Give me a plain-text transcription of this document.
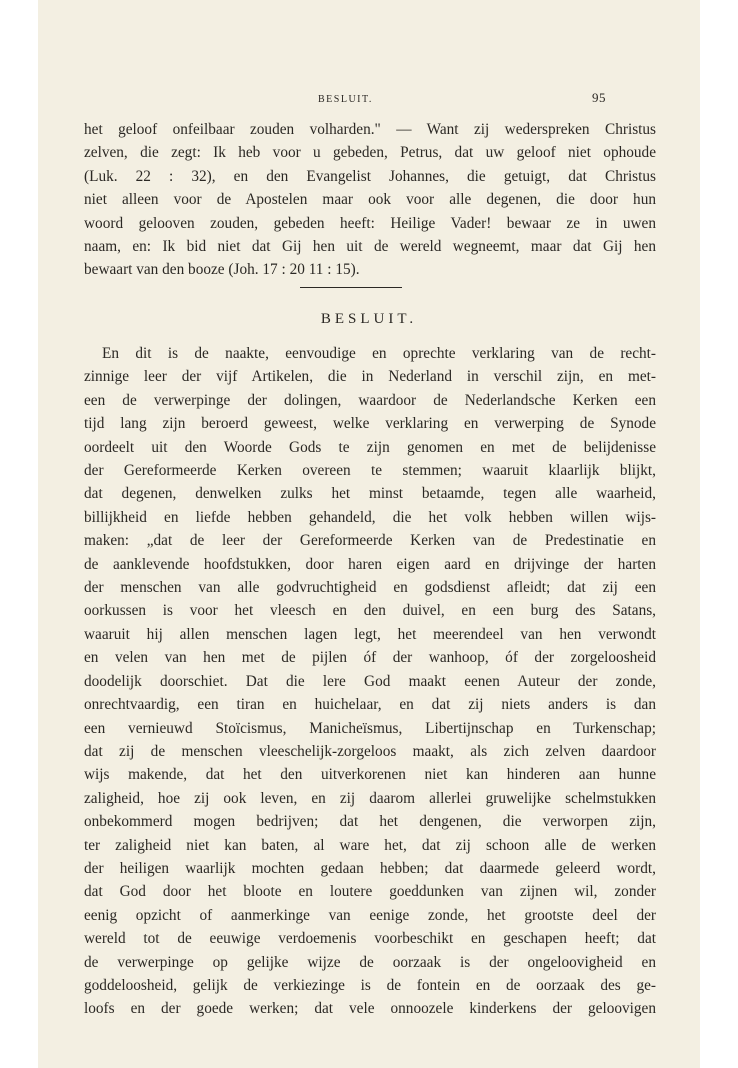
BESLUIT.	95
het geloof onfeilbaar zouden volharden." — Want zij wederspreken Christus
zelven, die zegt: Ik heb voor u gebeden, Petrus, dat uw geloof niet ophoude
(Luk. 22 : 32), en den Evangelist Johannes, die getuigt, dat Christus
niet alleen voor de Apostelen maar ook voor alle degenen, die door hun
woord gelooven zouden, gebeden heeft: Heilige Vader! bewaar ze in uwen
naam, en: Ik bid niet dat Gij hen uit de wereld wegneemt, maar dat Gij hen
bewaart van den booze (Joh. 17 : 20 11 : 15).
BESLUIT.
En dit is de naakte, eenvoudige en oprechte verklaring van de recht-
zinnige leer der vijf Artikelen, die in Nederland in verschil zijn, en met-
een de verwerpinge der dolingen, waardoor de Nederlandsche Kerken een
tijd lang zijn beroerd geweest, welke verklaring en verwerping de Synode
oordeelt uit den Woorde Gods te zijn genomen en met de belijdenisse
der Gereformeerde Kerken overeen te stemmen; waaruit klaarlijk blijkt,
dat degenen, denwelken zulks het minst betaamde, tegen alle waarheid,
billijkheid en liefde hebben gehandeld, die het volk hebben willen wijs-
maken: „dat de leer der Gereformeerde Kerken van de Predestinatie en
de aanklevende hoofdstukken, door haren eigen aard en drijvinge der harten
der menschen van alle godvruchtigheid en godsdienst afleidt; dat zij een
oorkussen is voor het vleesch en den duivel, en een burg des Satans,
waaruit hij allen menschen lagen legt, het meerendeel van hen verwondt
en velen van hen met de pijlen óf der wanhoop, óf der zorgeloosheid
doodelijk doorschiet. Dat die lere God maakt eenen Auteur der zonde,
onrechtvaardig, een tiran en huichelaar, en dat zij niets anders is dan
een vernieuwd Stoïcismus, Manicheïsmus, Libertijnschap en Turkenschap;
dat zij de menschen vleeschelijk-zorgeloos maakt, als zich zelven daardoor
wijs makende, dat het den uitverkorenen niet kan hinderen aan hunne
zaligheid, hoe zij ook leven, en zij daarom allerlei gruwelijke schelmstukken
onbekommerd mogen bedrijven; dat het dengenen, die verworpen zijn,
ter zaligheid niet kan baten, al ware het, dat zij schoon alle de werken
der heiligen waarlijk mochten gedaan hebben; dat daarmede geleerd wordt,
dat God door het bloote en loutere goeddunken van zijnen wil, zonder
eenig opzicht of aanmerkinge van eenige zonde, het grootste deel der
wereld tot de eeuwige verdoemenis voorbeschikt en geschapen heeft; dat
de verwerpinge op gelijke wijze de oorzaak is der ongeloovigheid en
goddeloosheid, gelijk de verkiezinge is de fontein en de oorzaak des ge-
loofs en der goede werken; dat vele onnoozele kinderkens der geloovigen
